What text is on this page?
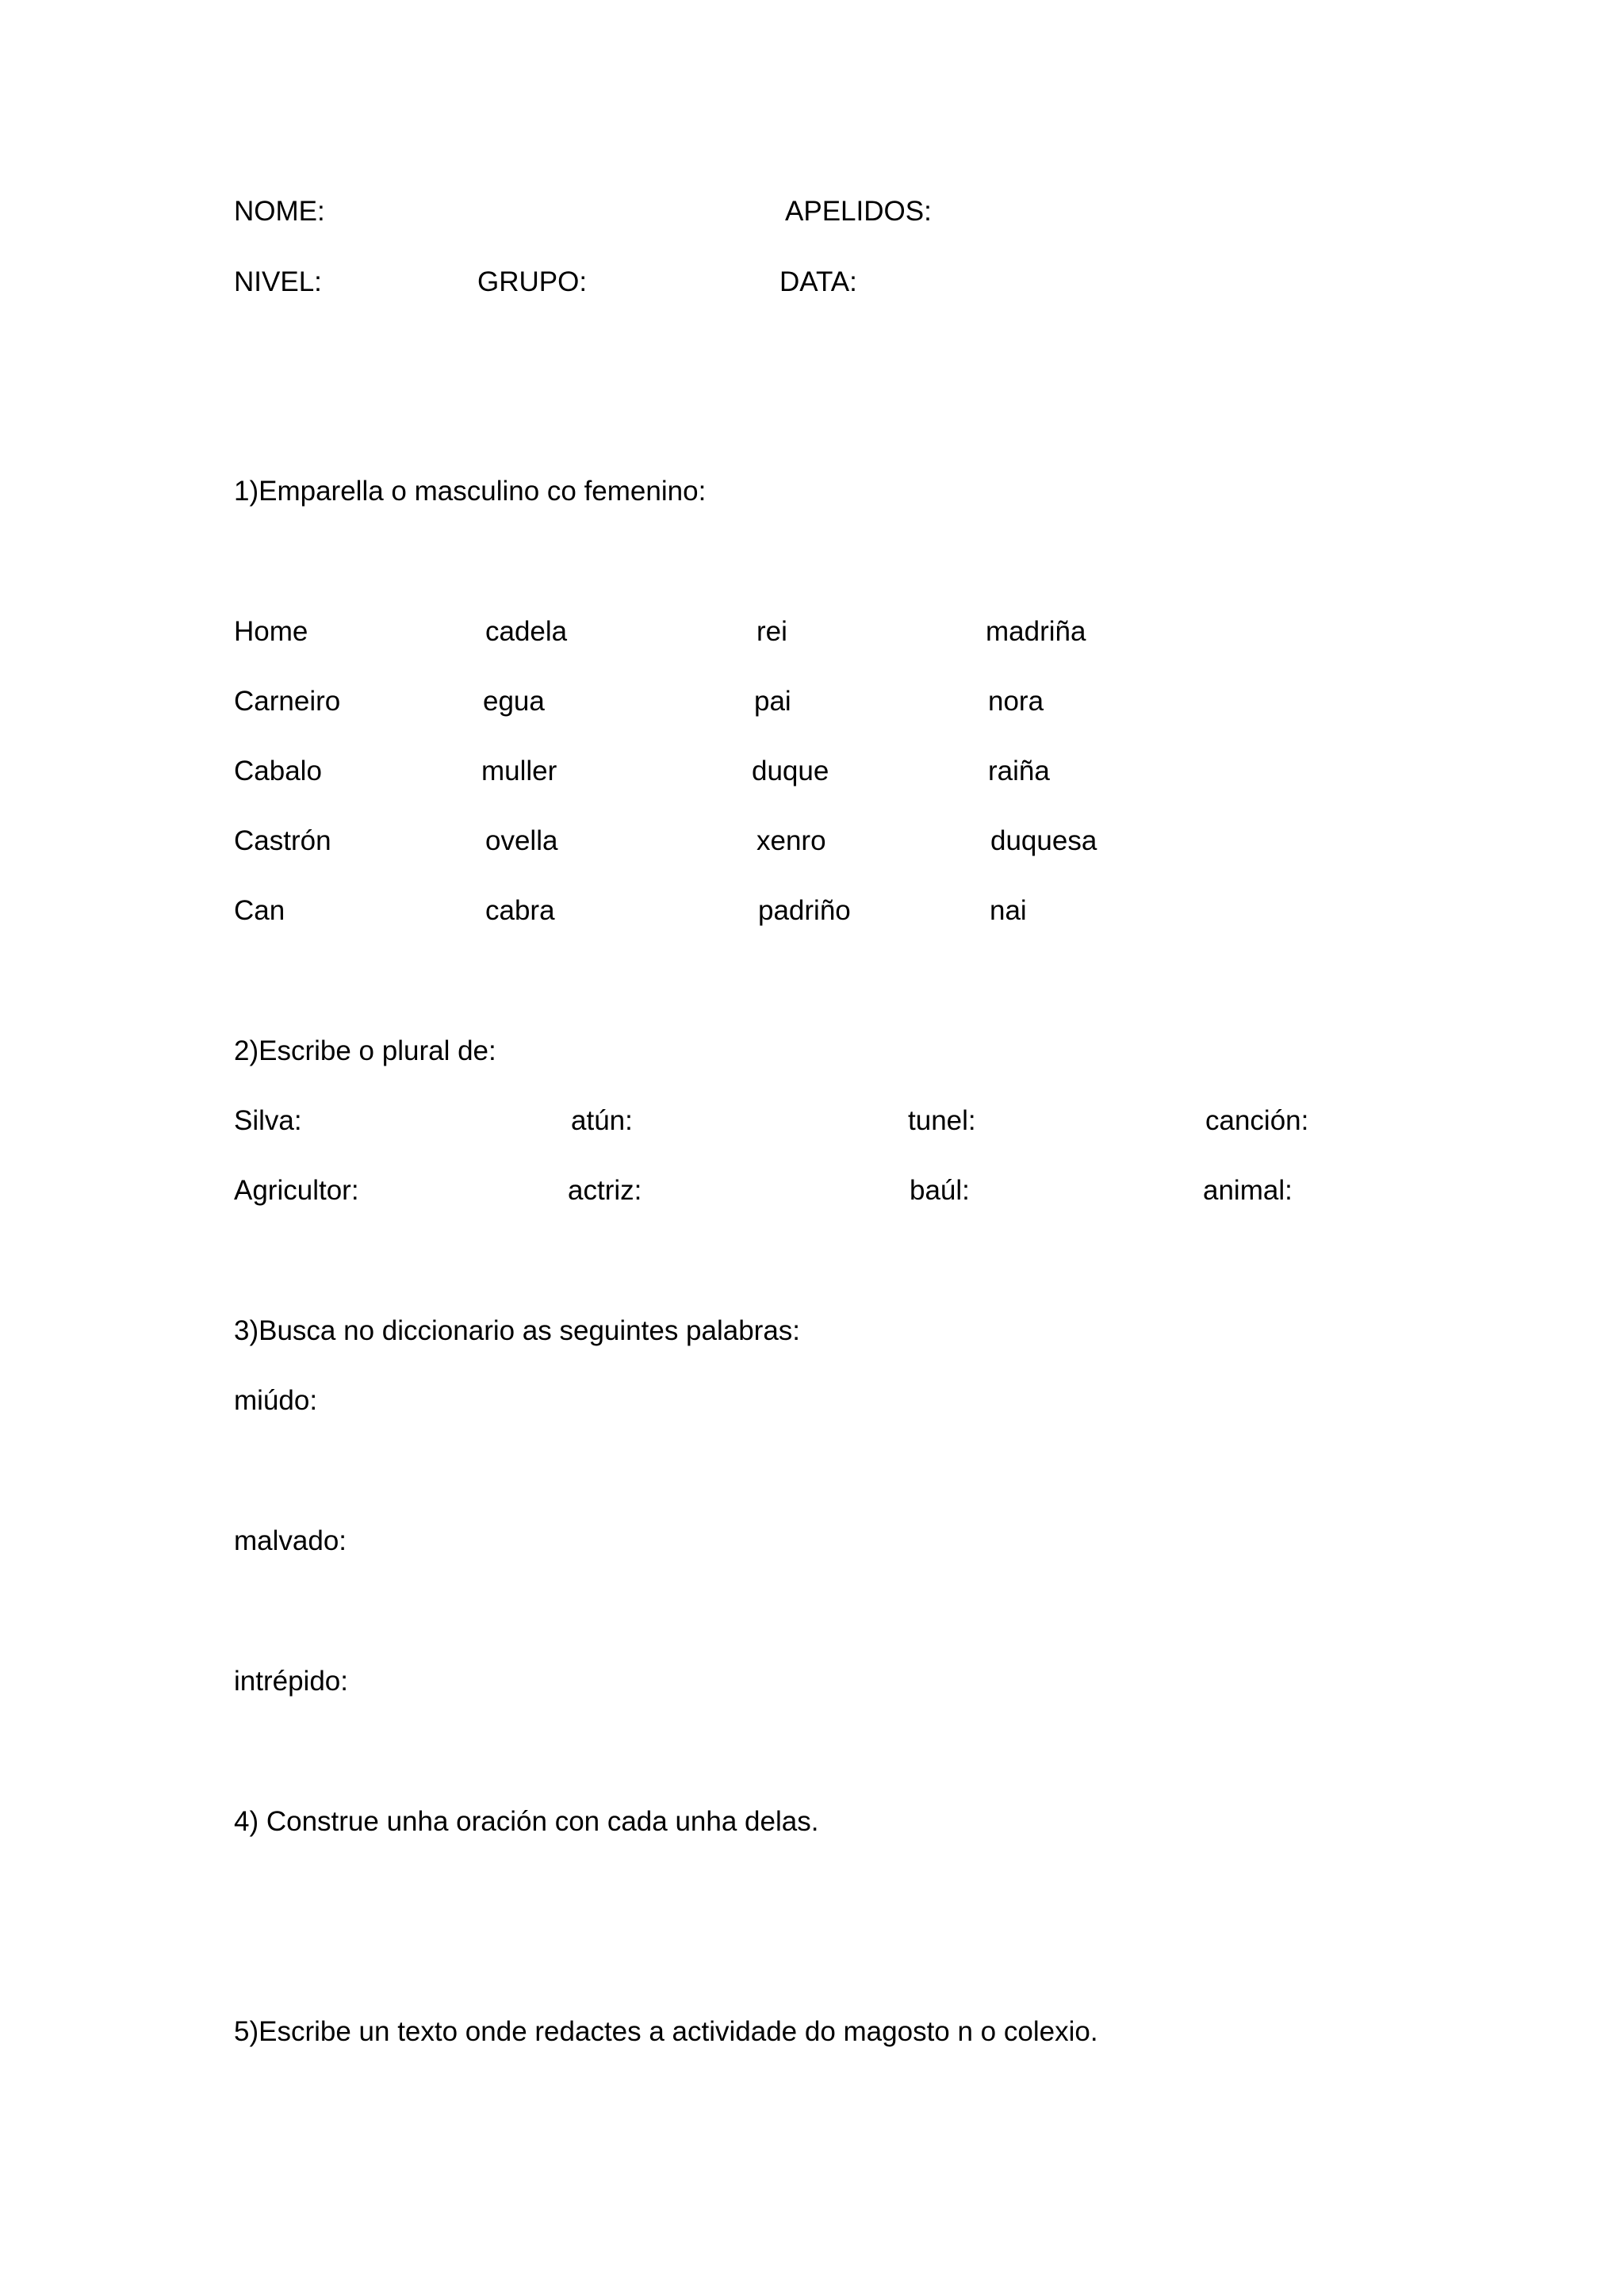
NOME:	APELIDOS:
NIVEL:	GRUPO:	DATA:
1)Emparella o masculino co femenino:
Home	cadela	rei	madriña
Carneiro	egua	pai	nora
Cabalo	muller	duque	raiña
Castrón	ovella	xenro	duquesa
Can	cabra	padriño	nai
2)Escribe o plural de:
Silva:	atún:	tunel:	canción:
Agricultor:	actriz:	baúl:	animal:
3)Busca no diccionario as seguintes palabras:
miúdo:
malvado:
intrépido:
4) Construe unha oración con cada unha delas.
5)Escribe un texto onde redactes a actividade do magosto n o colexio.
